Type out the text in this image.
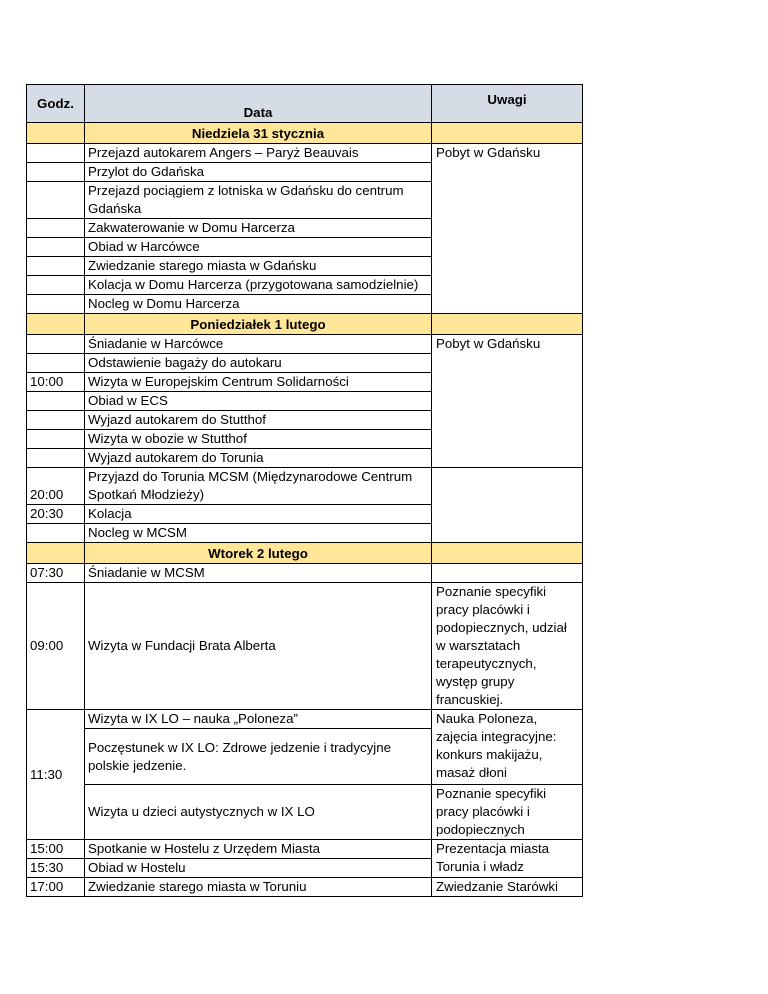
Godz.	Data	Uwagi
	Niedziela 31 stycznia	
	Przejazd autokarem Angers – Paryż Beauvais	Pobyt w Gdańsku
	Przylot do Gdańska	
	Przejazd pociągiem z lotniska w Gdańsku do centrum Gdańska	
	Zakwaterowanie w Domu Harcerza	
	Obiad w Harcówce	
	Zwiedzanie starego miasta w Gdańsku	
	Kolacja w Domu Harcerza (przygotowana samodzielnie)	
	Nocleg w Domu Harcerza	
	Poniedziałek 1 lutego	
	Śniadanie w Harcówce	Pobyt w Gdańsku
	Odstawienie bagaży do autokaru	
10:00	Wizyta w Europejskim Centrum Solidarności	
	Obiad w ECS	
	Wyjazd autokarem do Stutthof	
	Wizyta w obozie w Stutthof	
	Wyjazd autokarem do Torunia	
20:00	Przyjazd do Torunia MCSM (Międzynarodowe Centrum Spotkań Młodzieży)	
20:30	Kolacja	
	Nocleg w MCSM	
	Wtorek 2 lutego	
07:30	Śniadanie w MCSM	
09:00	Wizyta w Fundacji Brata Alberta	Poznanie specyfiki pracy placówki i podopiecznych, udział w warsztatach terapeutycznych, występ grupy francuskiej.
11:30	Wizyta w IX LO – nauka „Poloneza”	Nauka Poloneza, zajęcia integracyjne: konkurs makijażu, masaż dłoni
	Poczęstunek w IX LO: Zdrowe jedzenie i tradycyjne polskie jedzenie.	
	Wizyta u dzieci autystycznych w IX LO	Poznanie specyfiki pracy placówki i podopiecznych
15:00	Spotkanie w Hostelu z Urzędem Miasta	Prezentacja miasta Torunia i władz
15:30	Obiad w Hostelu	
17:00	Zwiedzanie starego miasta w Toruniu	Zwiedzanie Starówki
